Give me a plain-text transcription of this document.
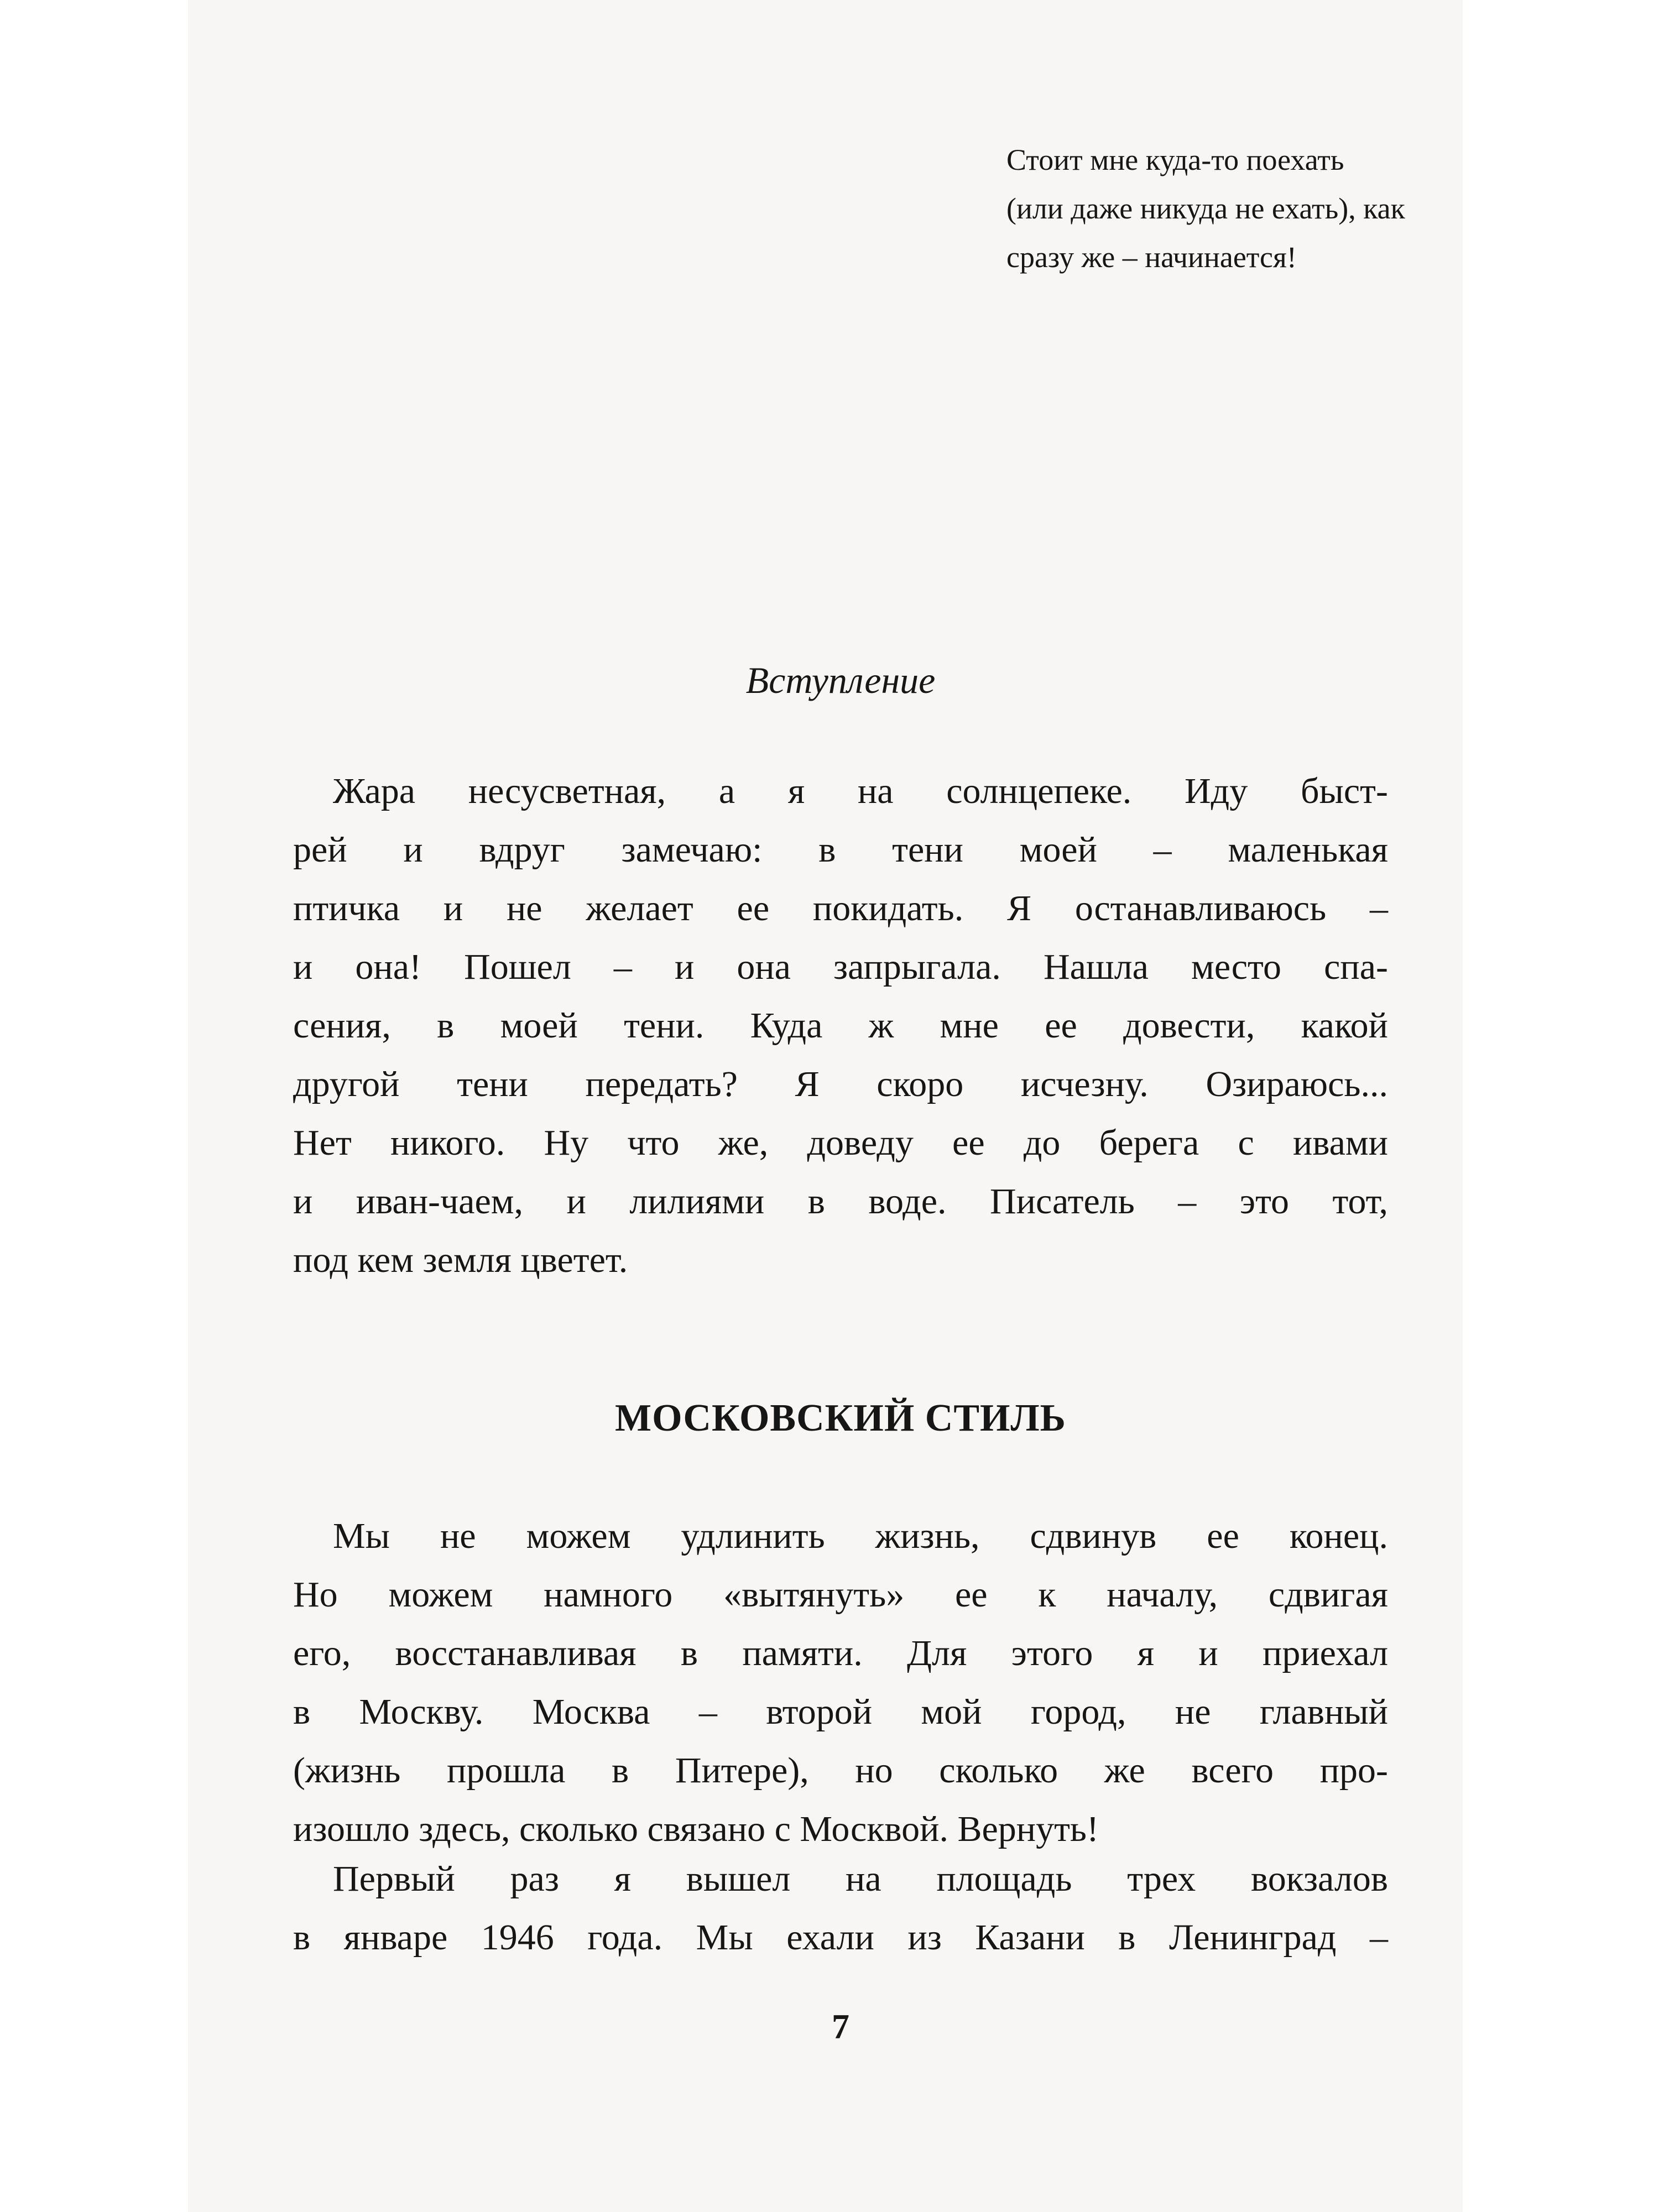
Стоит мне куда-то поехать
(или даже никуда не ехать), как
сразу же – начинается!
Вступление
Жара несусветная, а я на солнцепеке. Иду быст-
рей и вдруг замечаю: в тени моей – маленькая
птичка и не желает ее покидать. Я останавливаюсь –
и она! Пошел – и она запрыгала. Нашла место спа-
сения, в моей тени. Куда ж мне ее довести, какой
другой тени передать? Я скоро исчезну. Озираюсь...
Нет никого. Ну что же, доведу ее до берега с ивами
и иван-чаем, и лилиями в воде. Писатель – это тот,
под кем земля цветет.
МОСКОВСКИЙ СТИЛЬ
Мы не можем удлинить жизнь, сдвинув ее конец.
Но можем намного «вытянуть» ее к началу, сдвигая
его, восстанавливая в памяти. Для этого я и приехал
в Москву. Москва – второй мой город, не главный
(жизнь прошла в Питере), но сколько же всего про-
изошло здесь, сколько связано с Москвой. Вернуть!
Первый раз я вышел на площадь трех вокзалов
в январе 1946 года. Мы ехали из Казани в Ленинград –
7
